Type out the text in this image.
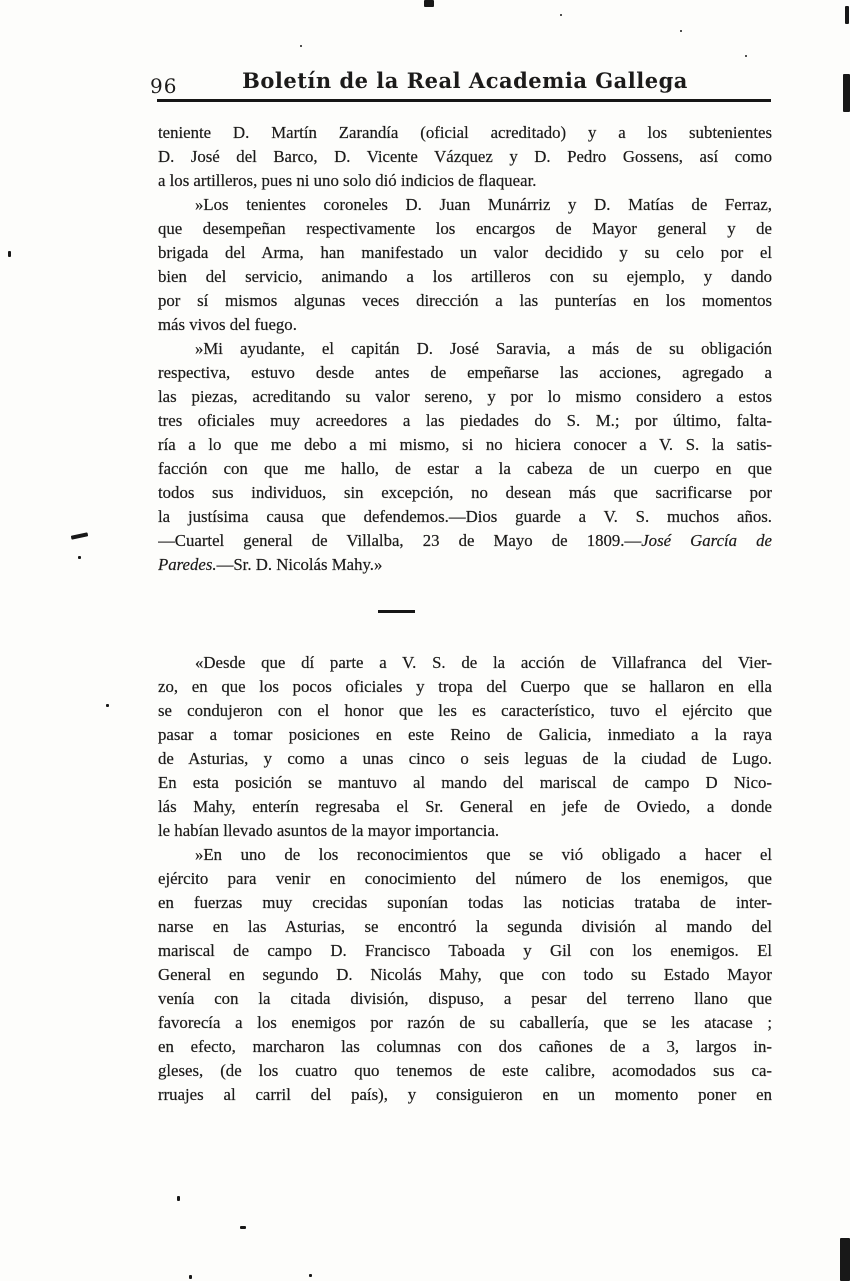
96	Boletín de la Real Academia Gallega
teniente D. Martín Zarandía (oficial acreditado) y a los subtenientes
D. José del Barco, D. Vicente Vázquez y D. Pedro Gossens, así como
a los artilleros, pues ni uno solo dió indicios de flaquear.
»Los tenientes coroneles D. Juan Munárriz y D. Matías de Ferraz,
que desempeñan respectivamente los encargos de Mayor general y de
brigada del Arma, han manifestado un valor decidido y su celo por el
bien del servicio, animando a los artilleros con su ejemplo, y dando
por sí mismos algunas veces dirección a las punterías en los momentos
más vivos del fuego.
»Mi ayudante, el capitán D. José Saravia, a más de su obligación
respectiva, estuvo desde antes de empeñarse las acciones, agregado a
las piezas, acreditando su valor sereno, y por lo mismo considero a estos
tres oficiales muy acreedores a las piedades do S. M.; por último, falta-
ría a lo que me debo a mi mismo, si no hiciera conocer a V. S. la satis-
facción con que me hallo, de estar a la cabeza de un cuerpo en que
todos sus individuos, sin excepción, no desean más que sacrificarse por
la justísima causa que defendemos.—Dios guarde a V. S. muchos años.
—Cuartel general de Villalba, 23 de Mayo de 1809.—José García de
Paredes.—Sr. D. Nicolás Mahy.»
«Desde que dí parte a V. S. de la acción de Villafranca del Vier-
zo, en que los pocos oficiales y tropa del Cuerpo que se hallaron en ella
se condujeron con el honor que les es característico, tuvo el ejército que
pasar a tomar posiciones en este Reino de Galicia, inmediato a la raya
de Asturias, y como a unas cinco o seis leguas de la ciudad de Lugo.
En esta posición se mantuvo al mando del mariscal de campo D Nico-
lás Mahy, enterín regresaba el Sr. General en jefe de Oviedo, a donde
le habían llevado asuntos de la mayor importancia.
»En uno de los reconocimientos que se vió obligado a hacer el
ejército para venir en conocimiento del número de los enemigos, que
en fuerzas muy crecidas suponían todas las noticias trataba de inter-
narse en las Asturias, se encontró la segunda división al mando del
mariscal de campo D. Francisco Taboada y Gil con los enemigos. El
General en segundo D. Nicolás Mahy, que con todo su Estado Mayor
venía con la citada división, dispuso, a pesar del terreno llano que
favorecía a los enemigos por razón de su caballería, que se les atacase ;
en efecto, marcharon las columnas con dos cañones de a 3, largos in-
gleses, (de los cuatro quo tenemos de este calibre, acomodados sus ca-
rruajes al carril del país), y consiguieron en un momento poner en
